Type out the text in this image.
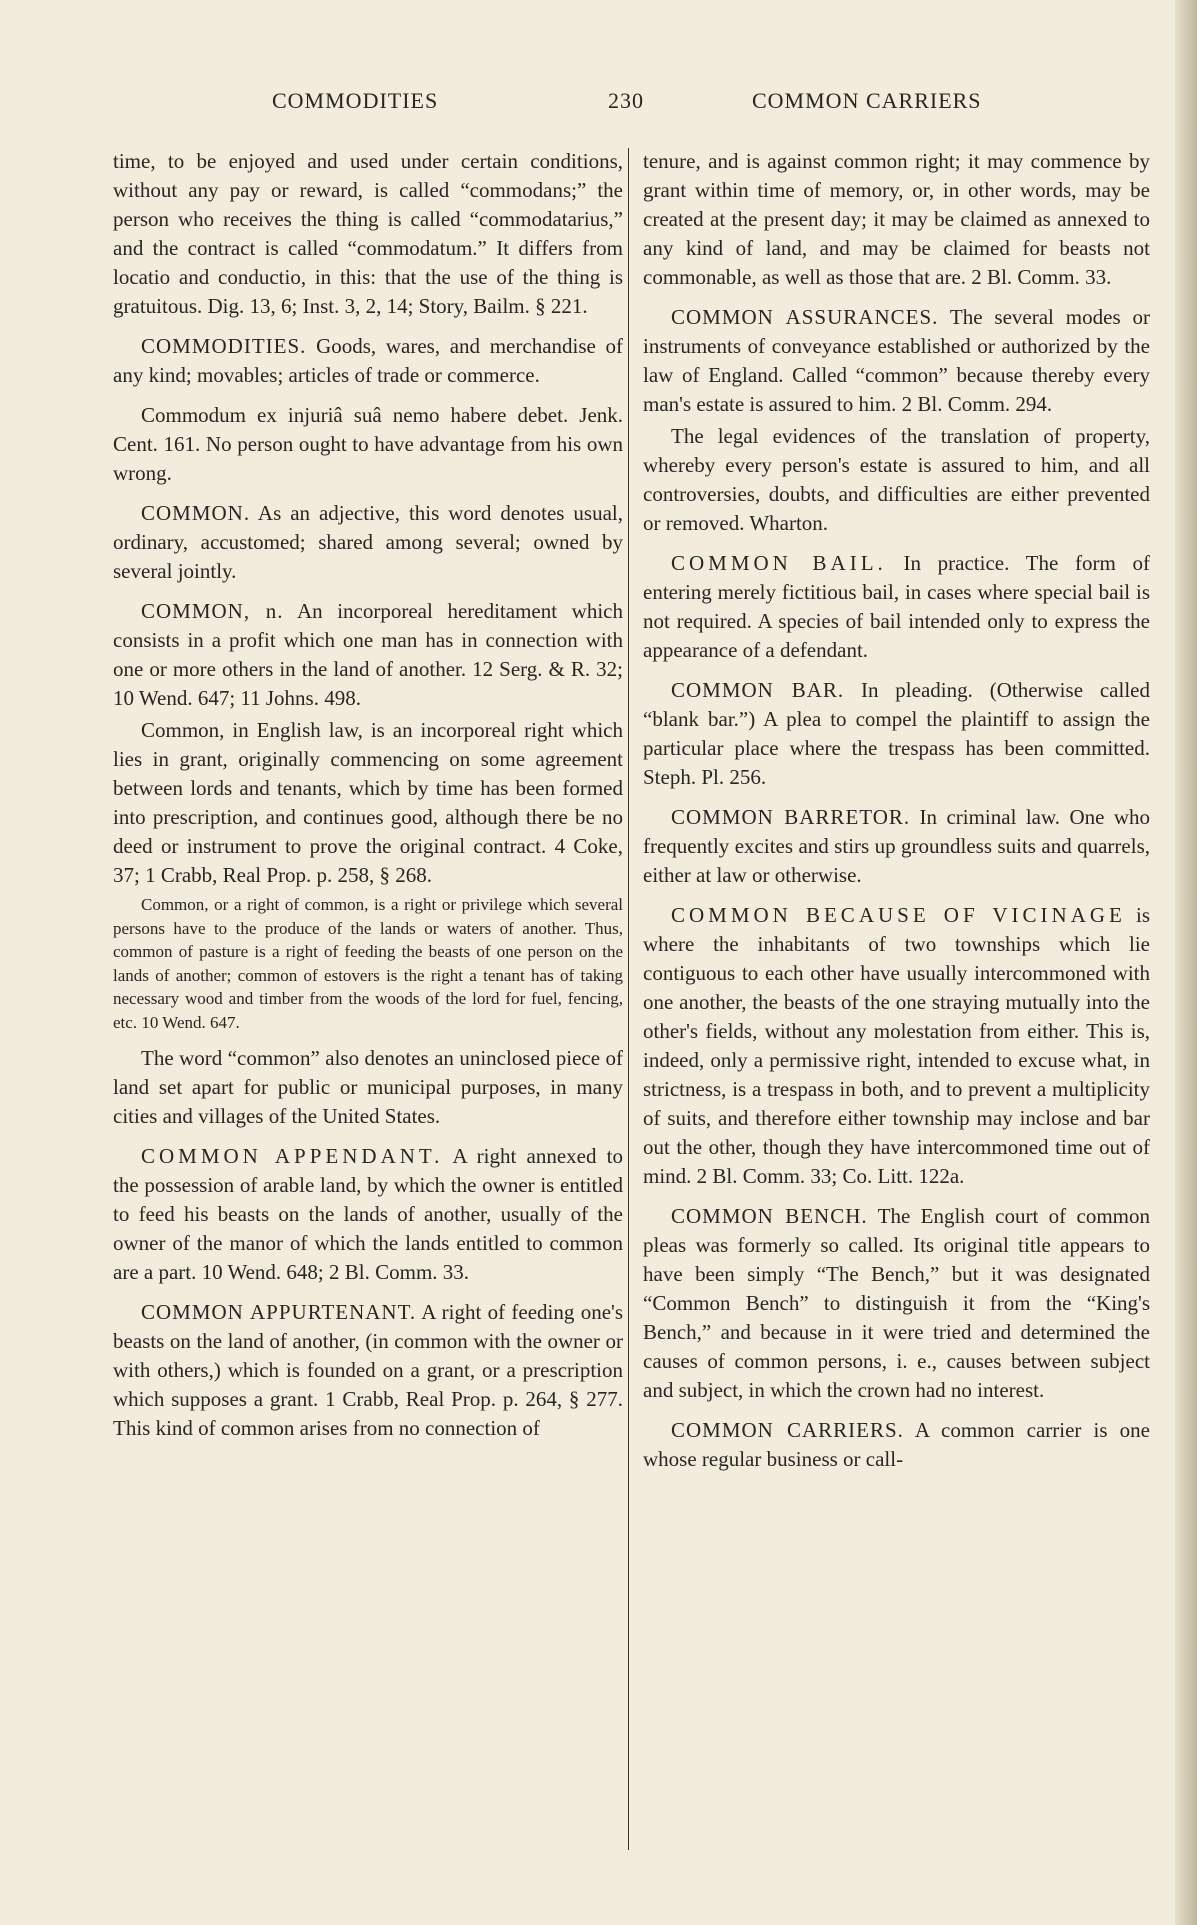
COMMODITIES	230	COMMON CARRIERS

time, to be enjoyed and used under certain conditions, without any pay or reward, is called “commodans;” the person who receives the thing is called “commodatarius,” and the contract is called “commodatum.” It differs from locatio and conductio, in this: that the use of the thing is gratuitous. Dig. 13, 6; Inst. 3, 2, 14; Story, Bailm. § 221.

COMMODITIES. Goods, wares, and merchandise of any kind; movables; articles of trade or commerce.

Commodum ex injuriâ suâ nemo habere debet. Jenk. Cent. 161. No person ought to have advantage from his own wrong.

COMMON. As an adjective, this word denotes usual, ordinary, accustomed; shared among several; owned by several jointly.

COMMON, n. An incorporeal hereditament which consists in a profit which one man has in connection with one or more others in the land of another. 12 Serg. & R. 32; 10 Wend. 647; 11 Johns. 498.

Common, in English law, is an incorporeal right which lies in grant, originally commencing on some agreement between lords and tenants, which by time has been formed into prescription, and continues good, although there be no deed or instrument to prove the original contract. 4 Coke, 37; 1 Crabb, Real Prop. p. 258, § 268.

Common, or a right of common, is a right or privilege which several persons have to the produce of the lands or waters of another. Thus, common of pasture is a right of feeding the beasts of one person on the lands of another; common of estovers is the right a tenant has of taking necessary wood and timber from the woods of the lord for fuel, fencing, etc. 10 Wend. 647.

The word “common” also denotes an uninclosed piece of land set apart for public or municipal purposes, in many cities and villages of the United States.

COMMON APPENDANT. A right annexed to the possession of arable land, by which the owner is entitled to feed his beasts on the lands of another, usually of the owner of the manor of which the lands entitled to common are a part. 10 Wend. 648; 2 Bl. Comm. 33.

COMMON APPURTENANT. A right of feeding one's beasts on the land of another, (in common with the owner or with others,) which is founded on a grant, or a prescription which supposes a grant. 1 Crabb, Real Prop. p. 264, § 277. This kind of common arises from no connection of

tenure, and is against common right; it may commence by grant within time of memory, or, in other words, may be created at the present day; it may be claimed as annexed to any kind of land, and may be claimed for beasts not commonable, as well as those that are. 2 Bl. Comm. 33.

COMMON ASSURANCES. The several modes or instruments of conveyance established or authorized by the law of England. Called “common” because thereby every man's estate is assured to him. 2 Bl. Comm. 294.

The legal evidences of the translation of property, whereby every person's estate is assured to him, and all controversies, doubts, and difficulties are either prevented or removed. Wharton.

COMMON BAIL. In practice. The form of entering merely fictitious bail, in cases where special bail is not required. A species of bail intended only to express the appearance of a defendant.

COMMON BAR. In pleading. (Otherwise called “blank bar.”) A plea to compel the plaintiff to assign the particular place where the trespass has been committed. Steph. Pl. 256.

COMMON BARRETOR. In criminal law. One who frequently excites and stirs up groundless suits and quarrels, either at law or otherwise.

COMMON BECAUSE OF VICINAGE is where the inhabitants of two townships which lie contiguous to each other have usually intercommoned with one another, the beasts of the one straying mutually into the other's fields, without any molestation from either. This is, indeed, only a permissive right, intended to excuse what, in strictness, is a trespass in both, and to prevent a multiplicity of suits, and therefore either township may inclose and bar out the other, though they have intercommoned time out of mind. 2 Bl. Comm. 33; Co. Litt. 122a.

COMMON BENCH. The English court of common pleas was formerly so called. Its original title appears to have been simply “The Bench,” but it was designated “Common Bench” to distinguish it from the “King's Bench,” and because in it were tried and determined the causes of common persons, i. e., causes between subject and subject, in which the crown had no interest.

COMMON CARRIERS. A common carrier is one whose regular business or call-
